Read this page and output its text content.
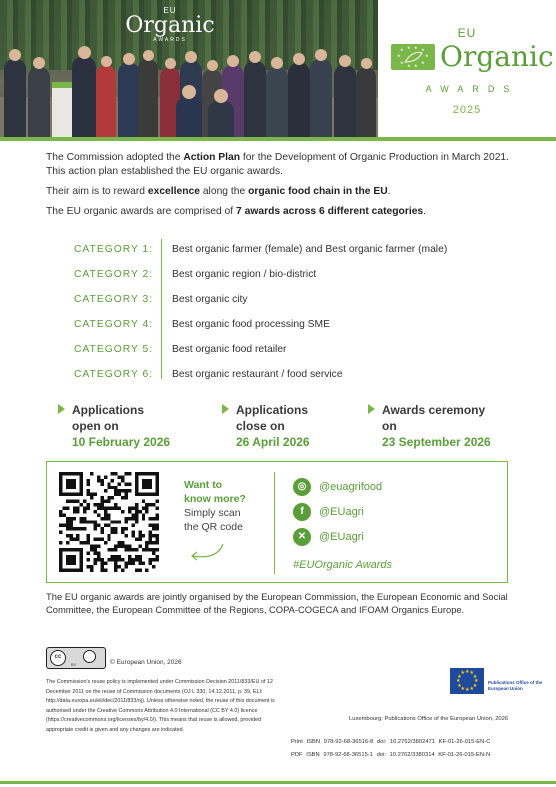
EU
Organic
AWARDS	EU
★ ★ ★ ★
★	★
★
★ ★
★ Organic
AWARDS
2025

The Commission adopted the Action Plan for the Development of Organic Production in March 2021. This action plan established the EU organic awards.

Their aim is to reward excellence along the organic food chain in the EU.

The EU organic awards are comprised of 7 awards across 6 different categories.

CATEGORY 1:	Best organic farmer (female) and Best organic farmer (male)
CATEGORY 2:	Best organic region / bio-district
CATEGORY 3:	Best organic city
CATEGORY 4:	Best organic food processing SME
CATEGORY 5:	Best organic food retailer
CATEGORY 6:	Best organic restaurant / food service
Applications
open on
10 February 2026
Applications
close on
26 April 2026
Awards ceremony
on
23 September 2026
Want to
know more?
Simply scan
the QR code
◎	@euagrifood
f	@EUagri
✕	@EUagri
#EUOrganic Awards
The EU organic awards are jointly organised by the European Commission, the European Economic and Social Committee, the European Committee of the Regions, COPA-COGECA and IFOAM Organics Europe.
cc
BY	© European Union, 2026
The Commission's reuse policy is implemented under Commission Decision 2011/833/EU of 12 December 2011 on the reuse of Commission documents (OJ L 330, 14.12.2011, p. 39, ELI: http://data.europa.eu/eli/dec/2011/833/oj). Unless otherwise noted, the reuse of this document is authorised under the Creative Commons Attribution 4.0 International (CC BY 4.0) licence (https://creativecommons.org/licenses/by/4.0/). This means that reuse is allowed, provided appropriate credit is given and any changes are indicated.
★
★
★
★
★
★
★
★
★ ★ ★
★
Publications Office of the European Union
Luxembourg: Publications Office of the European Union, 2026
Print ISBN 978-92-68-36516-8 doi: 10.2762/3802471 KF-01-26-015-EN-C
PDF ISBN 978-92-68-36515-1 doi: 10.2762/3380314 KF-01-26-015-EN-N
